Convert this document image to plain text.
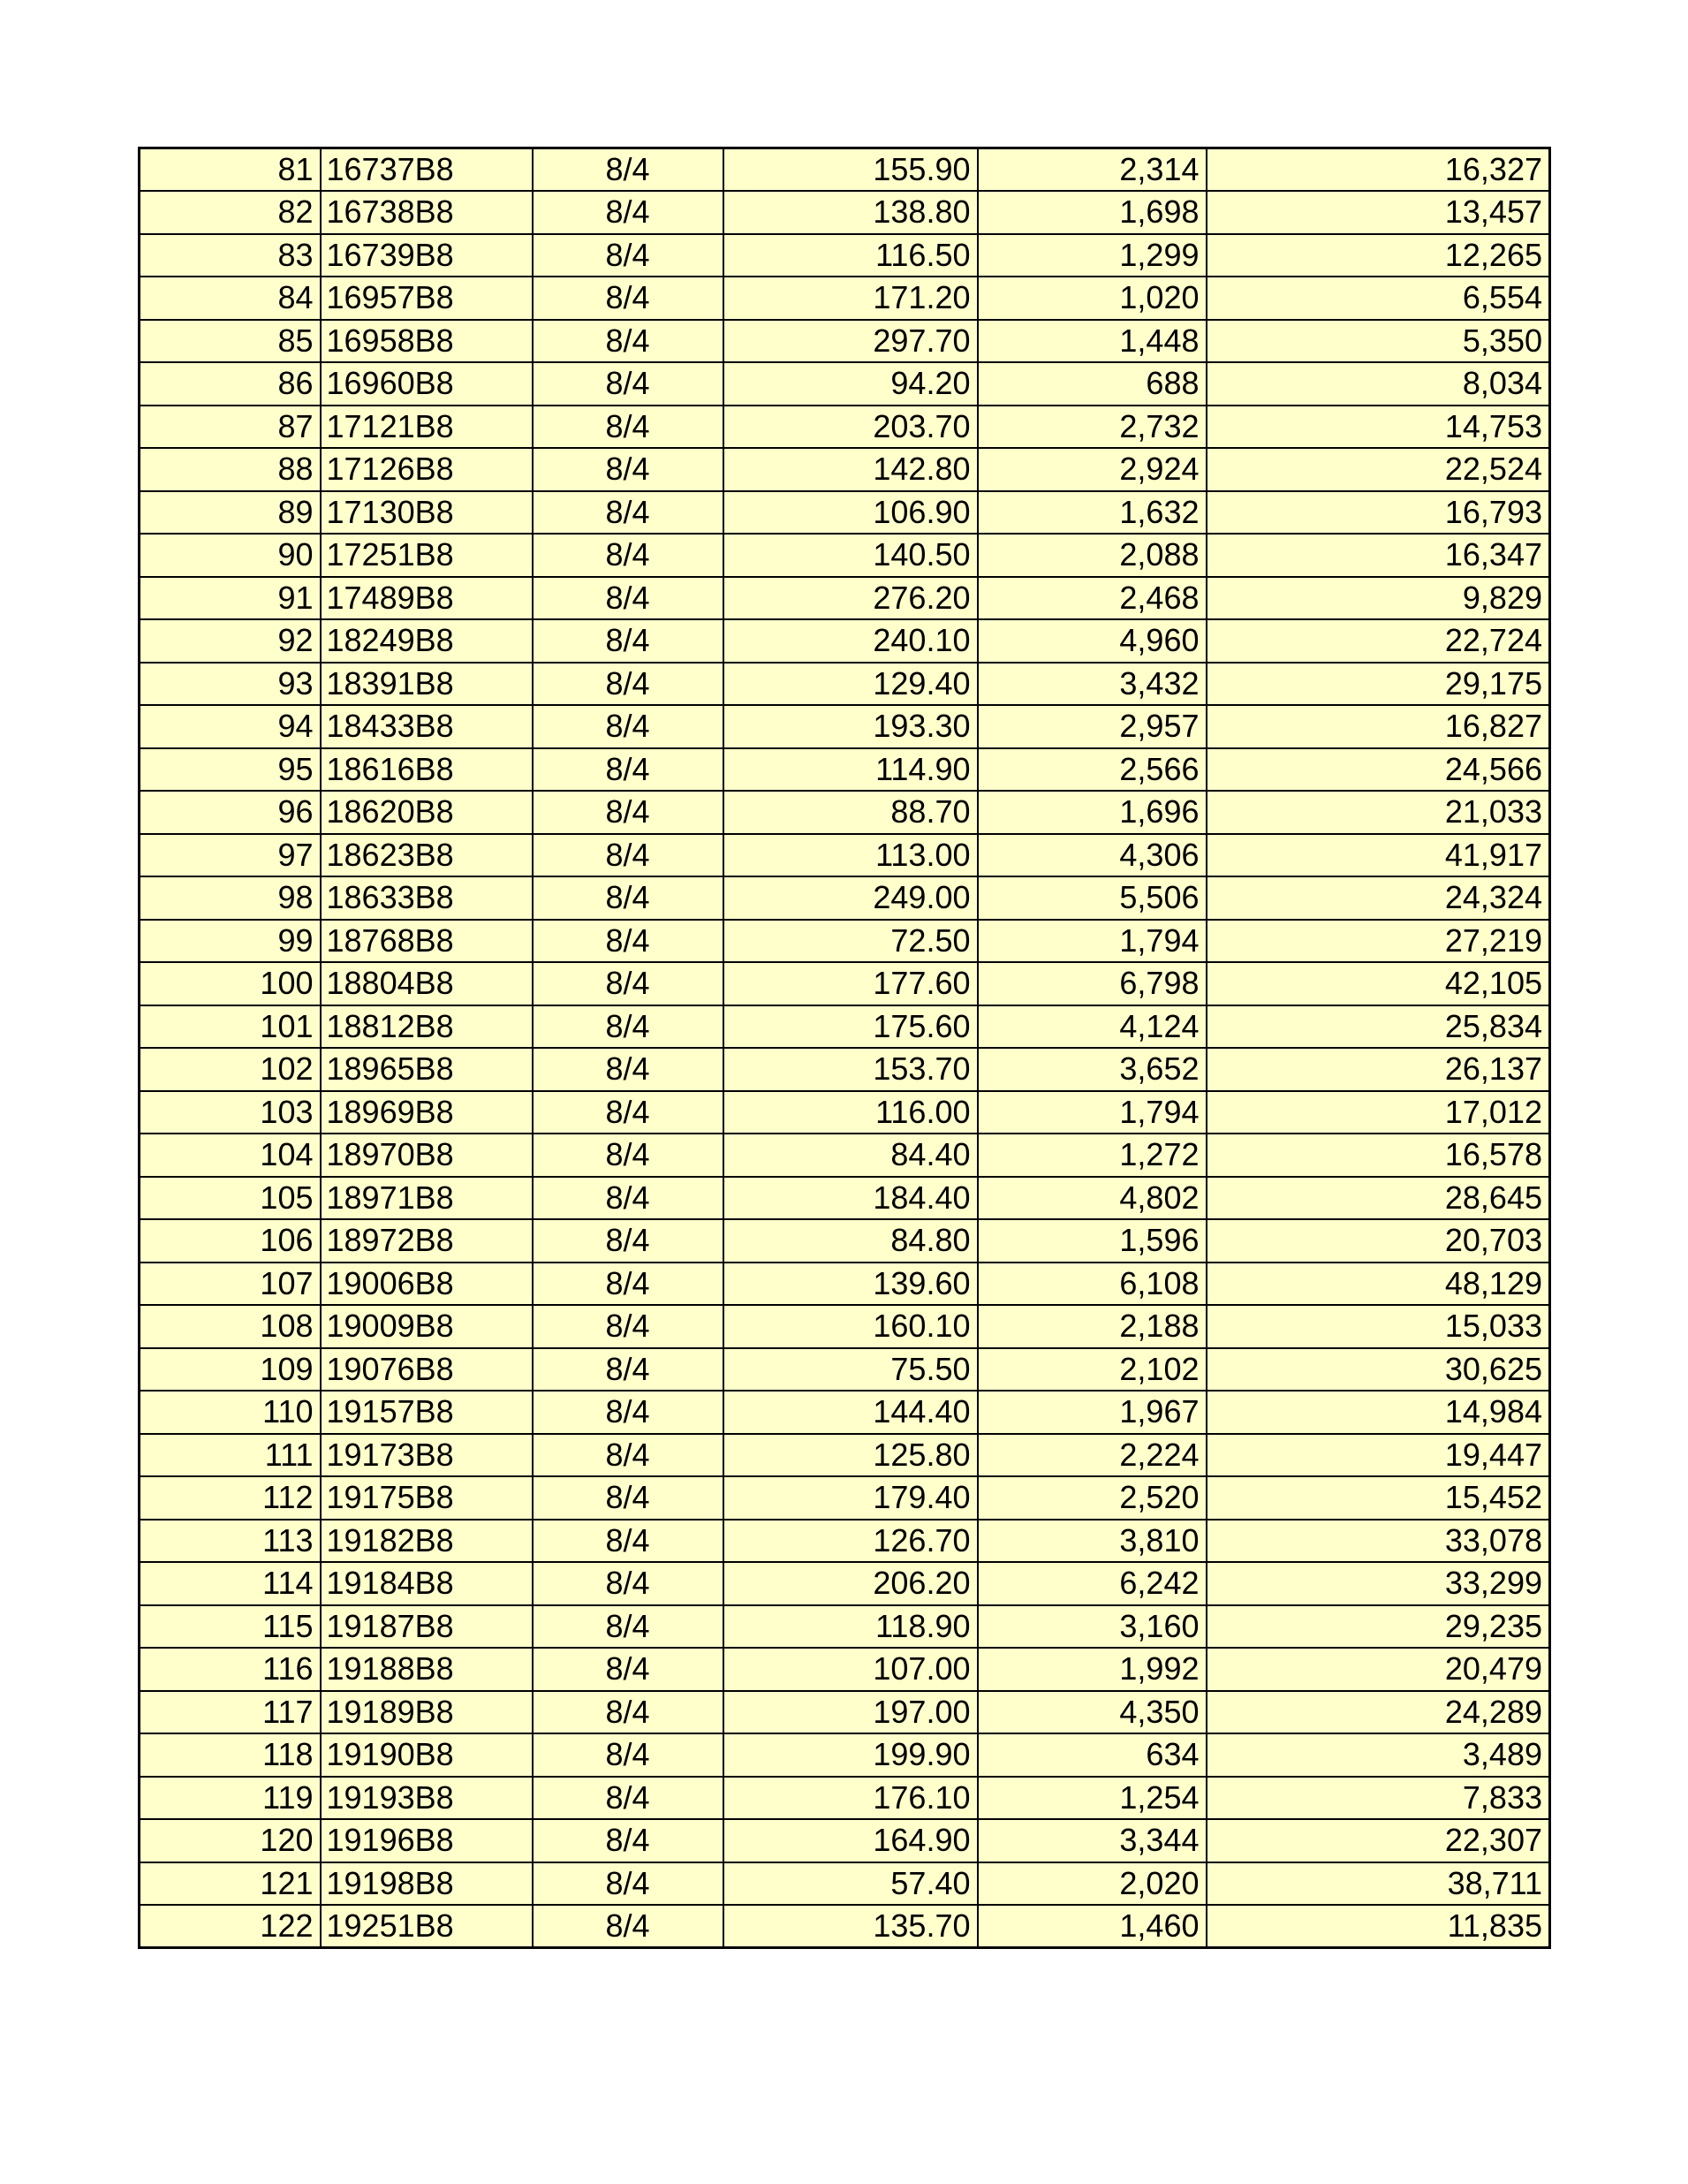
81	16737B8	8/4	155.90	2,314	16,327
82	16738B8	8/4	138.80	1,698	13,457
83	16739B8	8/4	116.50	1,299	12,265
84	16957B8	8/4	171.20	1,020	6,554
85	16958B8	8/4	297.70	1,448	5,350
86	16960B8	8/4	94.20	688	8,034
87	17121B8	8/4	203.70	2,732	14,753
88	17126B8	8/4	142.80	2,924	22,524
89	17130B8	8/4	106.90	1,632	16,793
90	17251B8	8/4	140.50	2,088	16,347
91	17489B8	8/4	276.20	2,468	9,829
92	18249B8	8/4	240.10	4,960	22,724
93	18391B8	8/4	129.40	3,432	29,175
94	18433B8	8/4	193.30	2,957	16,827
95	18616B8	8/4	114.90	2,566	24,566
96	18620B8	8/4	88.70	1,696	21,033
97	18623B8	8/4	113.00	4,306	41,917
98	18633B8	8/4	249.00	5,506	24,324
99	18768B8	8/4	72.50	1,794	27,219
100	18804B8	8/4	177.60	6,798	42,105
101	18812B8	8/4	175.60	4,124	25,834
102	18965B8	8/4	153.70	3,652	26,137
103	18969B8	8/4	116.00	1,794	17,012
104	18970B8	8/4	84.40	1,272	16,578
105	18971B8	8/4	184.40	4,802	28,645
106	18972B8	8/4	84.80	1,596	20,703
107	19006B8	8/4	139.60	6,108	48,129
108	19009B8	8/4	160.10	2,188	15,033
109	19076B8	8/4	75.50	2,102	30,625
110	19157B8	8/4	144.40	1,967	14,984
111	19173B8	8/4	125.80	2,224	19,447
112	19175B8	8/4	179.40	2,520	15,452
113	19182B8	8/4	126.70	3,810	33,078
114	19184B8	8/4	206.20	6,242	33,299
115	19187B8	8/4	118.90	3,160	29,235
116	19188B8	8/4	107.00	1,992	20,479
117	19189B8	8/4	197.00	4,350	24,289
118	19190B8	8/4	199.90	634	3,489
119	19193B8	8/4	176.10	1,254	7,833
120	19196B8	8/4	164.90	3,344	22,307
121	19198B8	8/4	57.40	2,020	38,711
122	19251B8	8/4	135.70	1,460	11,835
